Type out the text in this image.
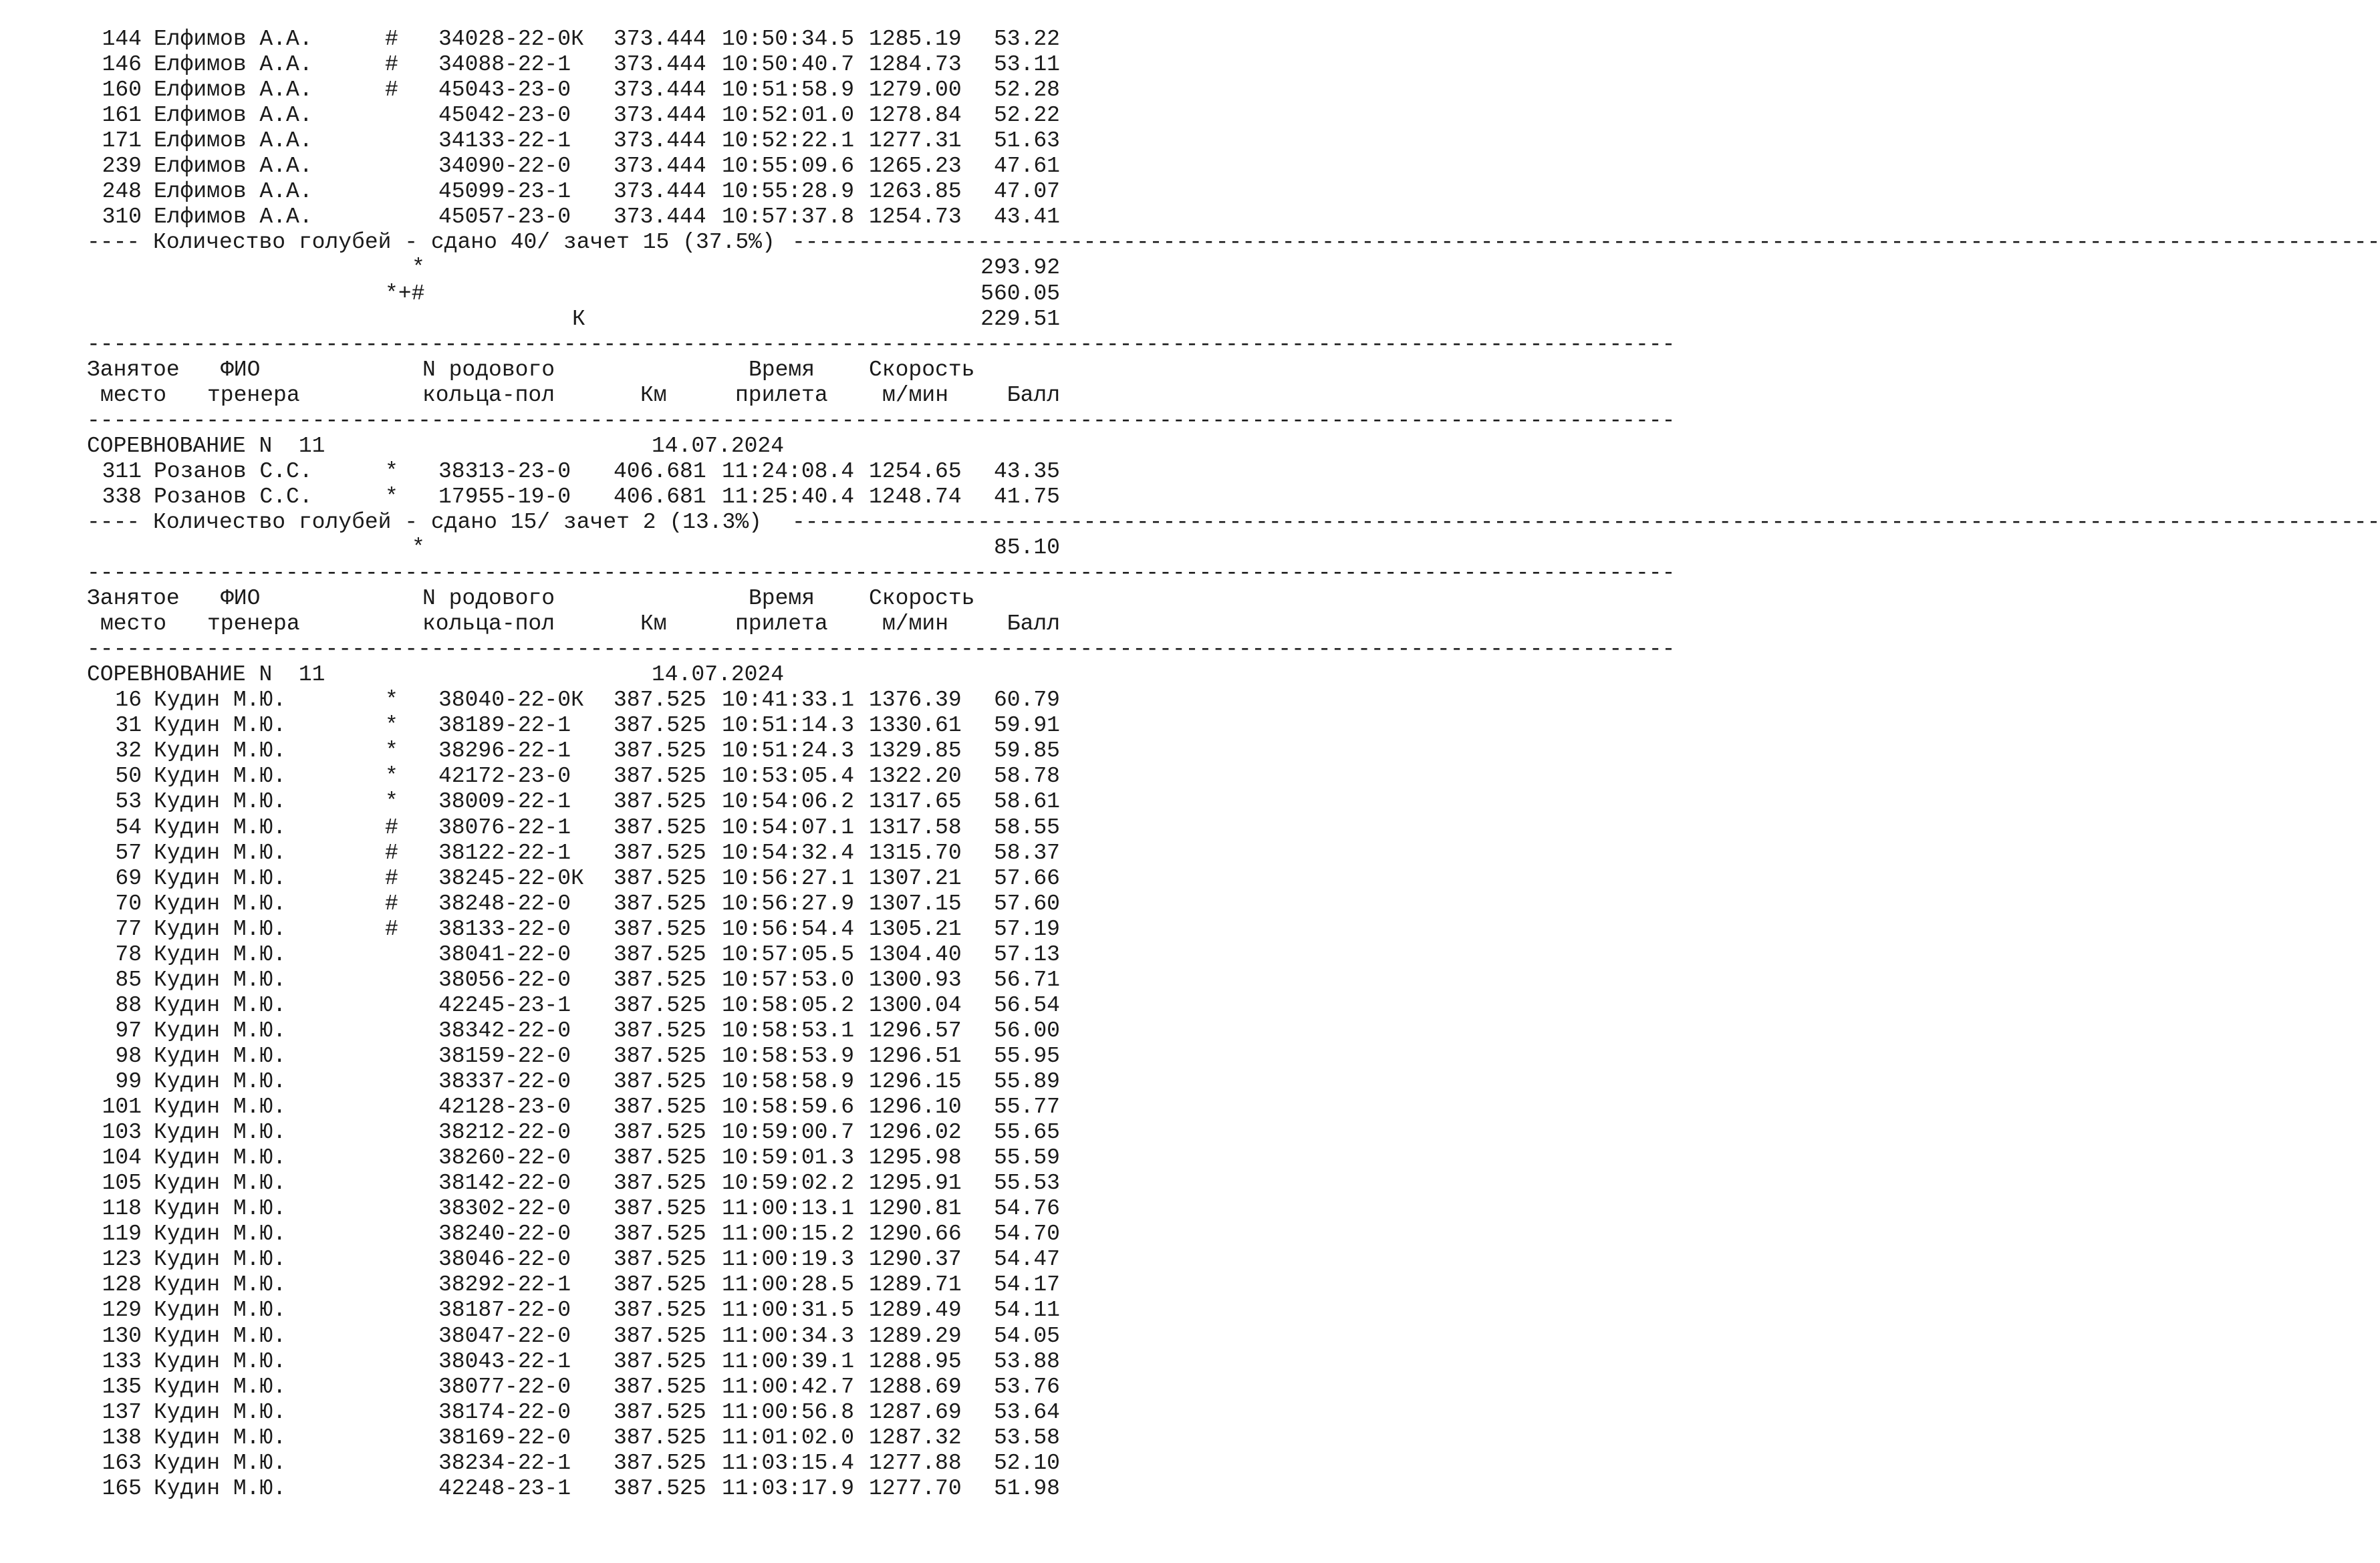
144 Елфимов А.А.	# 34028-22-0К 373.444 10:50:34.5 1285.19 53.22
146 Елфимов А.А.	# 34088-22-1 373.444 10:50:40.7 1284.73 53.11
160 Елфимов А.А.	# 45043-23-0 373.444 10:51:58.9 1279.00 52.28
161 Елфимов А.А.	45042-23-0 373.444 10:52:01.0 1278.84 52.22
171 Елфимов А.А.	34133-22-1 373.444 10:52:22.1 1277.31 51.63
239 Елфимов А.А.	34090-22-0 373.444 10:55:09.6 1265.23 47.61
248 Елфимов А.А.	45099-23-1 373.444 10:55:28.9 1263.85 47.07
310 Елфимов А.А.	45057-23-0 373.444 10:57:37.8 1254.73 43.41
---- Количество голубей - сдано 40/ зачет 15 (37.5%) ------------------------------------------------------------------------------------------------------------------------
*	293.92
*+#	560.05
К	229.51
------------------------------------------------------------------------------------------------------------------------
Занятое ФИО	N родового	Время Скорость
место тренера	кольца-пол	Км	прилета м/мин	Балл
------------------------------------------------------------------------------------------------------------------------
СОРЕВНОВАНИЕ N  11	14.07.2024
311 Розанов С.С.	* 38313-23-0 406.681 11:24:08.4 1254.65 43.35
338 Розанов С.С.	* 17955-19-0 406.681 11:25:40.4 1248.74 41.75
---- Количество голубей - сдано 15/ зачет 2 (13.3%) ------------------------------------------------------------------------------------------------------------------------
*	85.10
------------------------------------------------------------------------------------------------------------------------
Занятое ФИО	N родового	Время Скорость
место тренера	кольца-пол	Км	прилета м/мин	Балл
------------------------------------------------------------------------------------------------------------------------
СОРЕВНОВАНИЕ N  11	14.07.2024
16 Кудин М.Ю.	* 38040-22-0К 387.525 10:41:33.1 1376.39 60.79
31 Кудин М.Ю.	* 38189-22-1 387.525 10:51:14.3 1330.61 59.91
32 Кудин М.Ю.	* 38296-22-1 387.525 10:51:24.3 1329.85 59.85
50 Кудин М.Ю.	* 42172-23-0 387.525 10:53:05.4 1322.20 58.78
53 Кудин М.Ю.	* 38009-22-1 387.525 10:54:06.2 1317.65 58.61
54 Кудин М.Ю.	# 38076-22-1 387.525 10:54:07.1 1317.58 58.55
57 Кудин М.Ю.	# 38122-22-1 387.525 10:54:32.4 1315.70 58.37
69 Кудин М.Ю.	# 38245-22-0К 387.525 10:56:27.1 1307.21 57.66
70 Кудин М.Ю.	# 38248-22-0 387.525 10:56:27.9 1307.15 57.60
77 Кудин М.Ю.	# 38133-22-0 387.525 10:56:54.4 1305.21 57.19
78 Кудин М.Ю.	38041-22-0 387.525 10:57:05.5 1304.40 57.13
85 Кудин М.Ю.	38056-22-0 387.525 10:57:53.0 1300.93 56.71
88 Кудин М.Ю.	42245-23-1 387.525 10:58:05.2 1300.04 56.54
97 Кудин М.Ю.	38342-22-0 387.525 10:58:53.1 1296.57 56.00
98 Кудин М.Ю.	38159-22-0 387.525 10:58:53.9 1296.51 55.95
99 Кудин М.Ю.	38337-22-0 387.525 10:58:58.9 1296.15 55.89
101 Кудин М.Ю.	42128-23-0 387.525 10:58:59.6 1296.10 55.77
103 Кудин М.Ю.	38212-22-0 387.525 10:59:00.7 1296.02 55.65
104 Кудин М.Ю.	38260-22-0 387.525 10:59:01.3 1295.98 55.59
105 Кудин М.Ю.	38142-22-0 387.525 10:59:02.2 1295.91 55.53
118 Кудин М.Ю.	38302-22-0 387.525 11:00:13.1 1290.81 54.76
119 Кудин М.Ю.	38240-22-0 387.525 11:00:15.2 1290.66 54.70
123 Кудин М.Ю.	38046-22-0 387.525 11:00:19.3 1290.37 54.47
128 Кудин М.Ю.	38292-22-1 387.525 11:00:28.5 1289.71 54.17
129 Кудин М.Ю.	38187-22-0 387.525 11:00:31.5 1289.49 54.11
130 Кудин М.Ю.	38047-22-0 387.525 11:00:34.3 1289.29 54.05
133 Кудин М.Ю.	38043-22-1 387.525 11:00:39.1 1288.95 53.88
135 Кудин М.Ю.	38077-22-0 387.525 11:00:42.7 1288.69 53.76
137 Кудин М.Ю.	38174-22-0 387.525 11:00:56.8 1287.69 53.64
138 Кудин М.Ю.	38169-22-0 387.525 11:01:02.0 1287.32 53.58
163 Кудин М.Ю.	38234-22-1 387.525 11:03:15.4 1277.88 52.10
165 Кудин М.Ю.	42248-23-1 387.525 11:03:17.9 1277.70 51.98
